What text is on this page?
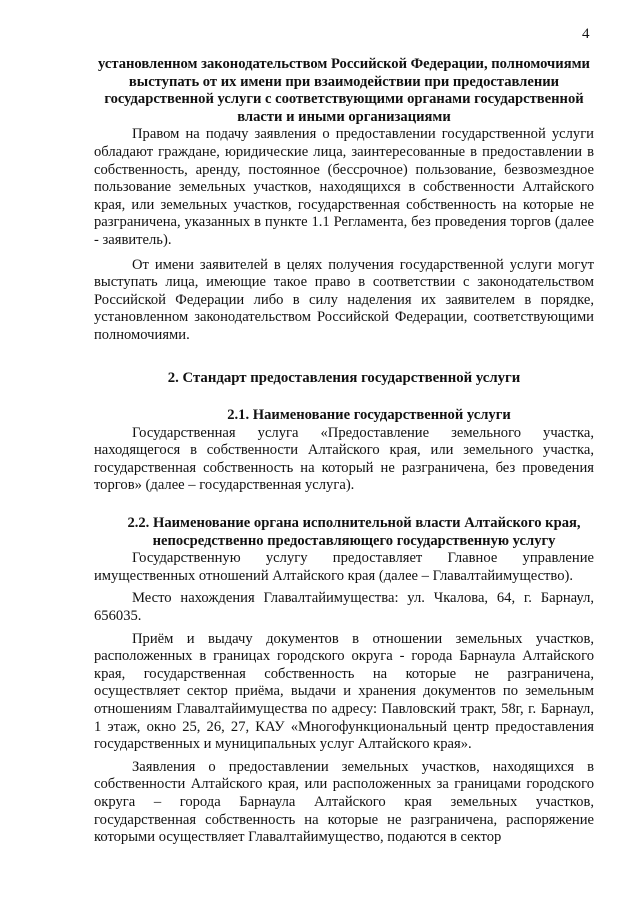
4

установленном законодательством Российской Федерации, полномочиями выступать от их имени при взаимодействии при предоставлении государственной услуги с соответствующими органами государственной власти и иными организациями

Правом на подачу заявления о предоставлении государственной услуги обладают граждане, юридические лица, заинтересованные в предоставлении в собственность, аренду, постоянное (бессрочное) пользование, безвозмездное пользование земельных участков, находящихся в собственности Алтайского края, или земельных участков, государственная собственность на которые не разграничена, указанных в пункте 1.1 Регламента, без проведения торгов (далее - заявитель).

От имени заявителей в целях получения государственной услуги могут выступать лица, имеющие такое право в соответствии с законодательством Российской Федерации либо в силу наделения их заявителем в порядке, установленном законодательством Российской Федерации, соответствующими полномочиями.

2. Стандарт предоставления государственной услуги

2.1. Наименование государственной услуги

Государственная услуга «Предоставление земельного участка, находящегося в собственности Алтайского края, или земельного участка, государственная собственность на который не разграничена, без проведения торгов» (далее – государственная услуга).

2.2. Наименование органа исполнительной власти Алтайского края, непосредственно предоставляющего государственную услугу

Государственную услугу предоставляет Главное управление имущественных отношений Алтайского края (далее – Главалтайимущество).

Место нахождения Главалтайимущества: ул. Чкалова, 64, г. Барнаул, 656035.

Приём и выдачу документов в отношении земельных участков, расположенных в границах городского округа - города Барнаула Алтайского края, государственная собственность на которые не разграничена, осуществляет сектор приёма, выдачи и хранения документов по земельным отношениям Главалтайимущества по адресу: Павловский тракт, 58г, г. Барнаул, 1 этаж, окно 25, 26, 27, КАУ «Многофункциональный центр предоставления государственных и муниципальных услуг Алтайского края».

Заявления о предоставлении земельных участков, находящихся в собственности Алтайского края, или расположенных за границами городского округа – города Барнаула Алтайского края земельных участков, государственная собственность на которые не разграничена, распоряжение которыми осуществляет Главалтайимущество, подаются в сектор
